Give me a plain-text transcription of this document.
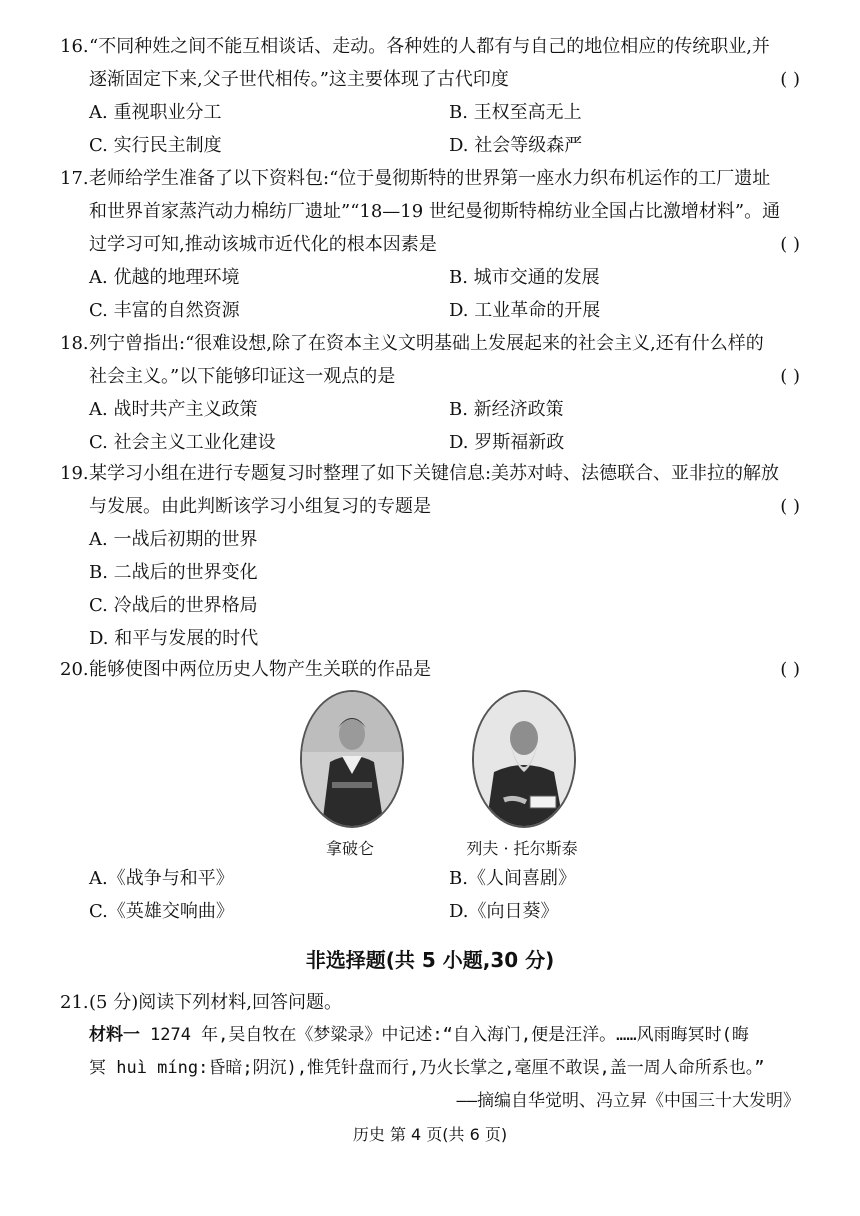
16.“不同种姓之间不能互相谈话、走动。各种姓的人都有与自己的地位相应的传统职业,并
逐渐固定下来,父子世代相传。”这主要体现了古代印度	( )
A. 重视职业分工	B. 王权至高无上
C. 实行民主制度	D. 社会等级森严
17.老师给学生准备了以下资料包:“位于曼彻斯特的世界第一座水力织布机运作的工厂遗址
和世界首家蒸汽动力棉纺厂遗址”“18—19 世纪曼彻斯特棉纺业全国占比激增材料”。通
过学习可知,推动该城市近代化的根本因素是	( )
A. 优越的地理环境	B. 城市交通的发展
C. 丰富的自然资源	D. 工业革命的开展
18.列宁曾指出:“很难设想,除了在资本主义文明基础上发展起来的社会主义,还有什么样的
社会主义。”以下能够印证这一观点的是	( )
A. 战时共产主义政策	B. 新经济政策
C. 社会主义工业化建设	D. 罗斯福新政
19.某学习小组在进行专题复习时整理了如下关键信息:美苏对峙、法德联合、亚非拉的解放
与发展。由此判断该学习小组复习的专题是	( )
A. 一战后初期的世界
B. 二战后的世界变化
C. 冷战后的世界格局
D. 和平与发展的时代
20.能够使图中两位历史人物产生关联的作品是	( )
拿破仑	列夫 · 托尔斯泰
A.《战争与和平》	B.《人间喜剧》
C.《英雄交响曲》	D.《向日葵》
非选择题(共 5 小题,30 分)
21.(5 分)阅读下列材料,回答问题。
材料一 1274 年,吴自牧在《梦粱录》中记述:“自入海门,便是汪洋。……风雨晦冥时(晦
冥 huì míng:昏暗;阴沉),惟凭针盘而行,乃火长掌之,毫厘不敢误,盖一周人命所系也。”
——摘编自华觉明、冯立昇《中国三十大发明》
历史 第 4 页(共 6 页)
